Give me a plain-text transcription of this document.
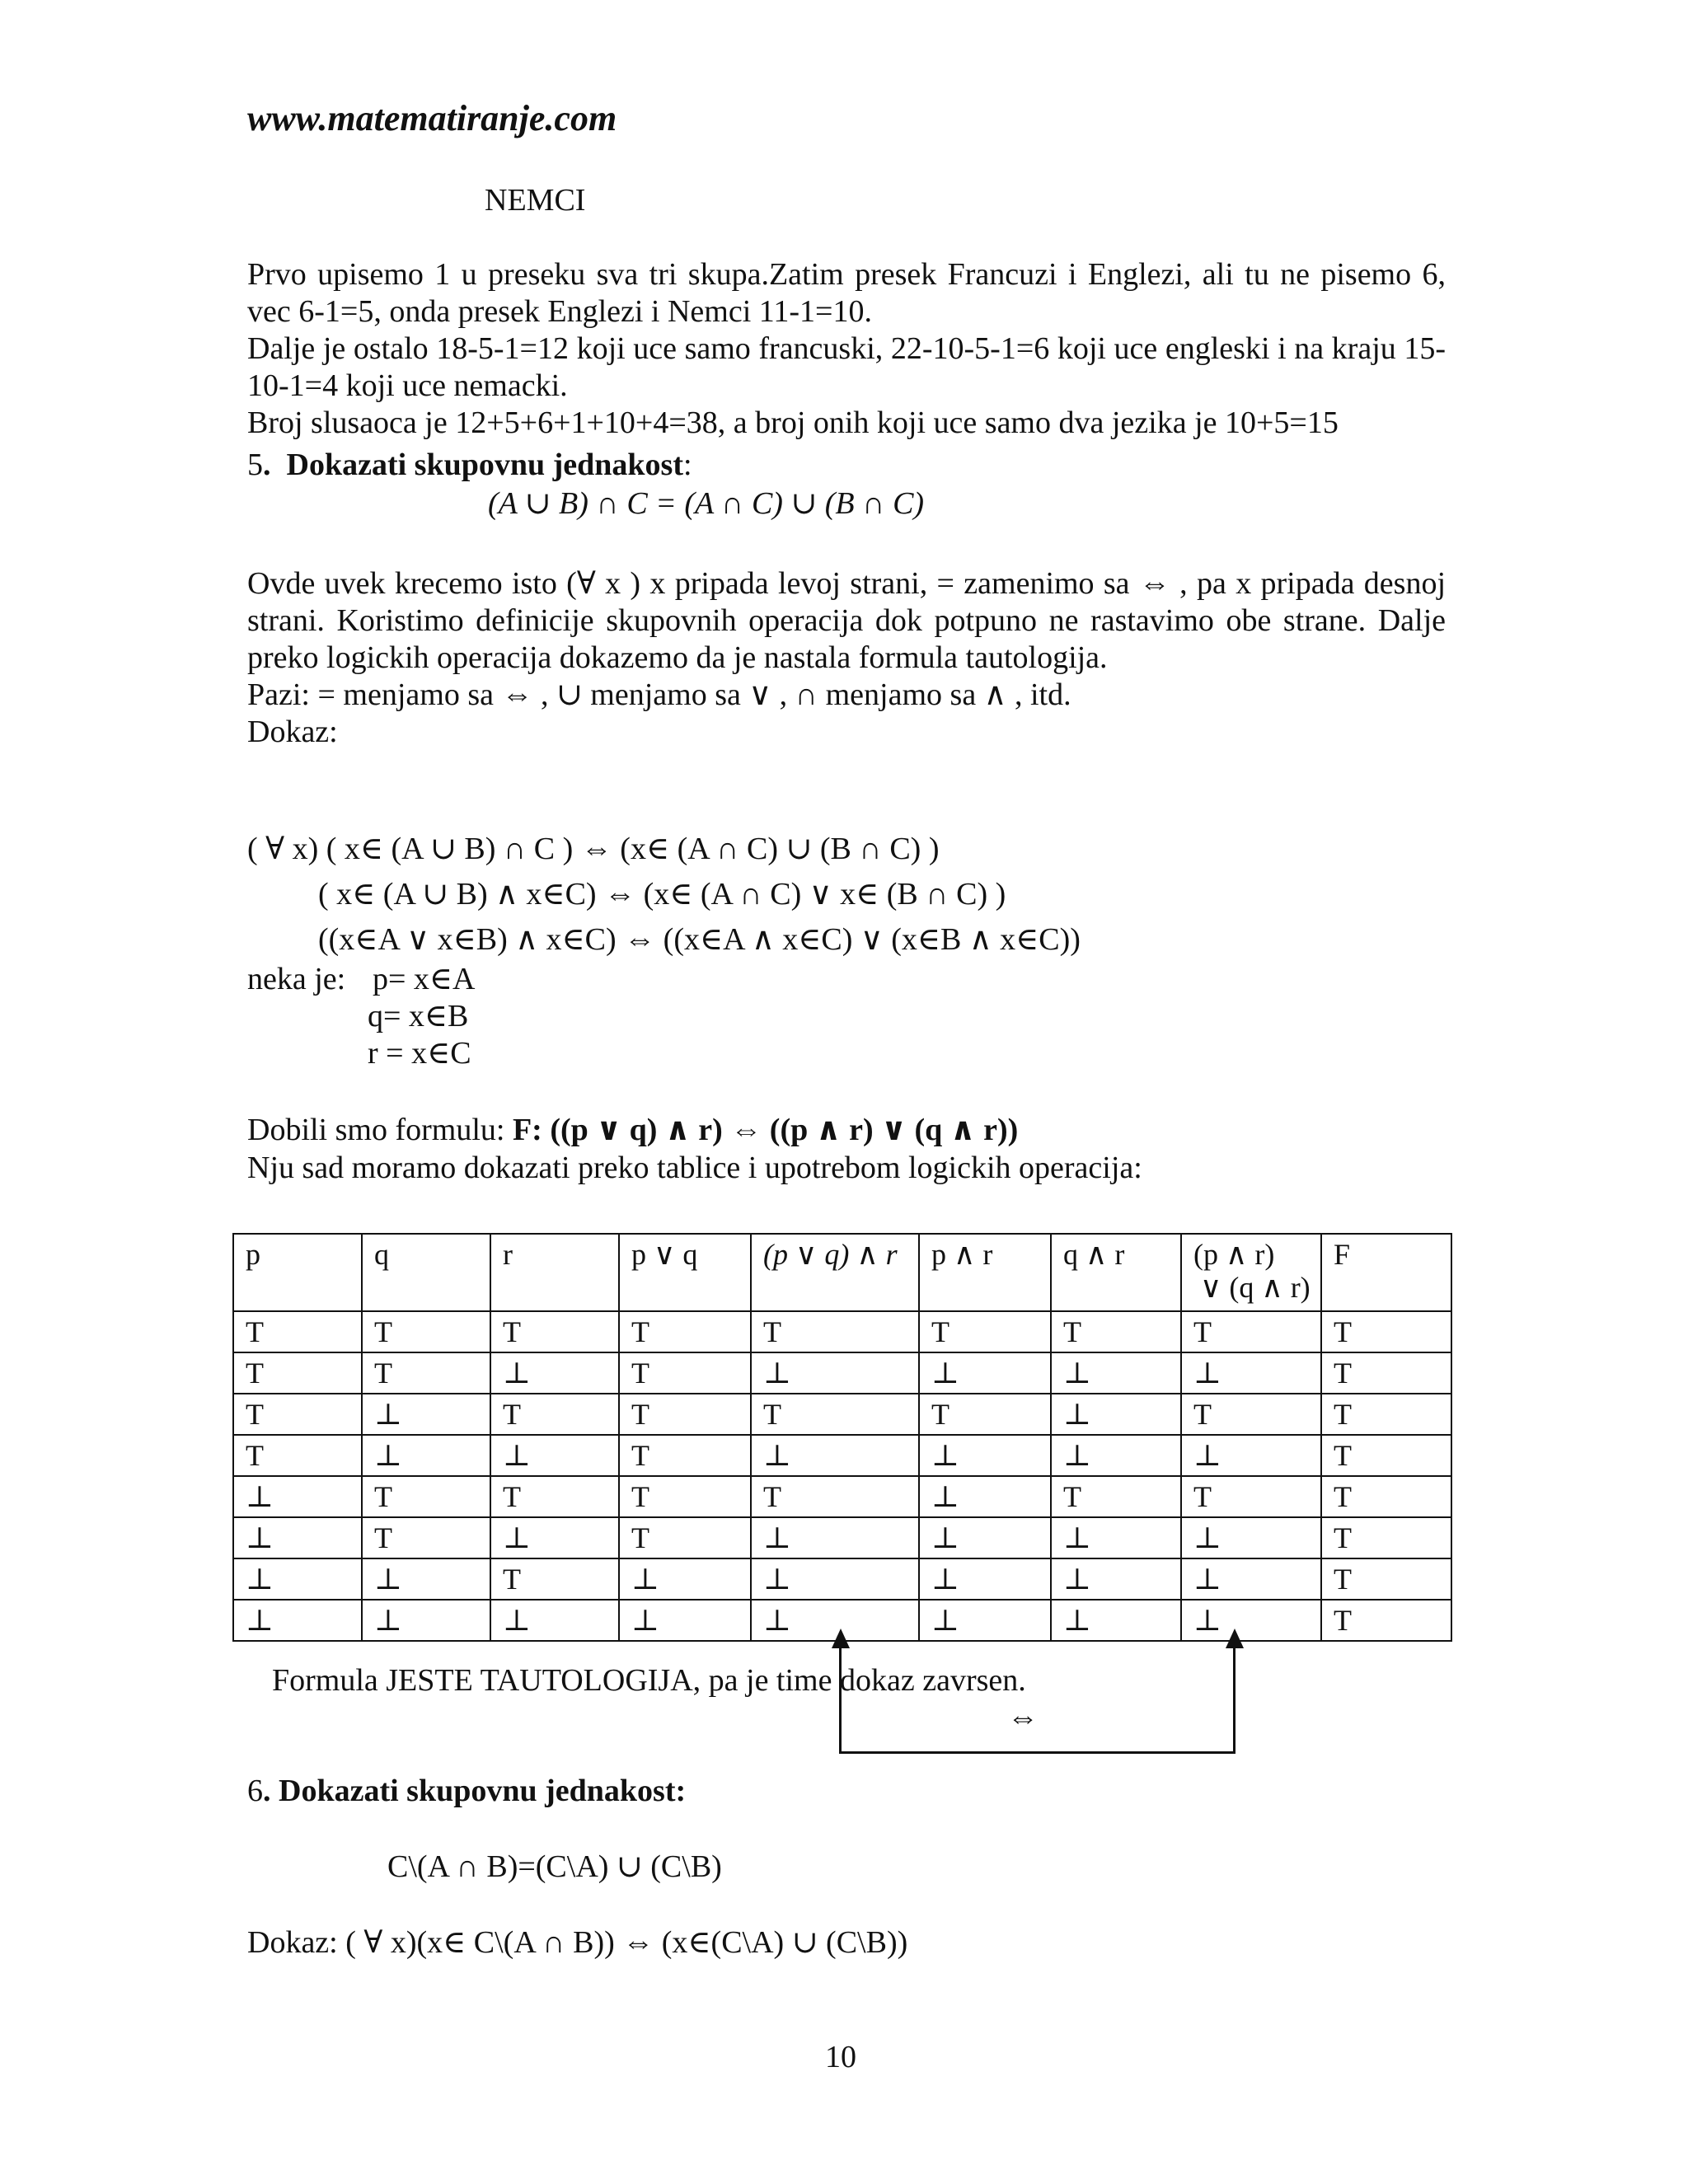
www.matematiranje.com
NEMCI

Prvo upisemo 1 u preseku sva tri skupa.Zatim presek Francuzi i Englezi, ali tu ne pisemo 6, vec 6-1=5, onda presek Englezi i Nemci 11-1=10.

Dalje je ostalo 18-5-1=12 koji uce samo francuski, 22-10-5-1=6 koji uce engleski i na kraju 15-10-1=4 koji uce nemacki.

Broj slusaoca je 12+5+6+1+10+4=38, a broj onih koji uce samo dva jezika je 10+5=15

5.  Dokazati skupovnu jednakost:
(A ∪ B) ∩ C = (A ∩ C) ∪ (B ∩ C)

Ovde uvek krecemo isto (∀ x ) x pripada levoj strani, = zamenimo sa ⇔ , pa x pripada desnoj strani. Koristimo definicije skupovnih operacija dok potpuno ne rastavimo obe strane. Dalje preko logickih operacija dokazemo da je nastala formula tautologija.

Pazi: = menjamo sa ⇔ , ∪ menjamo sa ∨ , ∩ menjamo sa ∧ , itd.

Dokaz:

( ∀ x) ( x∈ (A ∪ B) ∩ C ) ⇔ (x∈ (A ∩ C) ∪ (B ∩ C) )
( x∈ (A ∪ B) ∧ x∈C) ⇔ (x∈ (A ∩ C) ∨ x∈ (B ∩ C) )
((x∈A ∨ x∈B) ∧ x∈C) ⇔ ((x∈A ∧ x∈C) ∨ (x∈B ∧ x∈C))
neka je: p= x∈A
q= x∈B
r = x∈C
Dobili smo formulu: F: ((p ∨ q) ∧ r) ⇔ ((p ∧ r) ∨ (q ∧ r))
Nju sad moramo dokazati preko tablice i upotrebom logickih operacija:
p	q	r	p ∨ q	(p ∨ q) ∧ r	p ∧ r	q ∧ r	(p ∧ r)
∨ (q ∧ r)	F
T	T	T	T	T	T	T	T	T
T	T	⊥	T	⊥	⊥	⊥	⊥	T
T	⊥	T	T	T	T	⊥	T	T
T	⊥	⊥	T	⊥	⊥	⊥	⊥	T
⊥	T	T	T	T	⊥	T	T	T
⊥	T	⊥	T	⊥	⊥	⊥	⊥	T
⊥	⊥	T	⊥	⊥	⊥	⊥	⊥	T
⊥	⊥	⊥	⊥	⊥	⊥	⊥	⊥	T
Formula JESTE TAUTOLOGIJA, pa je time dokaz zavrsen.
⇔
6. Dokazati skupovnu jednakost:
C\(A ∩ B)=(C\A) ∪ (C\B)
Dokaz: ( ∀ x)(x∈ C\(A ∩ B)) ⇔ (x∈(C\A) ∪ (C\B))
10
